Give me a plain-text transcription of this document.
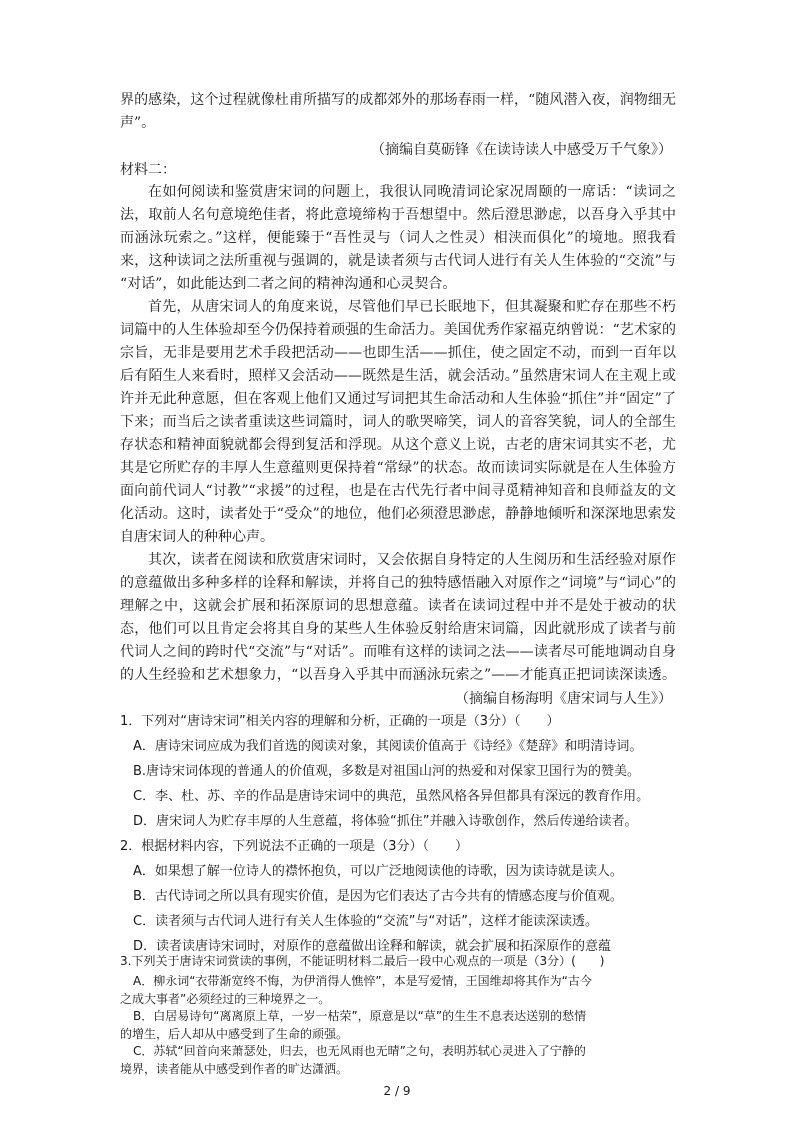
界的感染，这个过程就像杜甫所描写的成都郊外的那场春雨一样，“随风潜入夜，润物细无
声”。
（摘编自莫砺锋《在读诗读人中感受万千气象》）
材料二：
在如何阅读和鉴赏唐宋词的问题上，我很认同晚清词论家况周颐的一席话：“读词之
法，取前人名句意境绝佳者，将此意境缔构于吾想望中。然后澄思渺虑，以吾身入乎其中
而涵泳玩索之。”这样，便能臻于“吾性灵与（词人之性灵）相浃而俱化”的境地。照我看
来，这种读词之法所重视与强调的，就是读者须与古代词人进行有关人生体验的“交流”与
“对话”，如此能达到二者之间的精神沟通和心灵契合。
首先，从唐宋词人的角度来说，尽管他们早已长眠地下，但其凝聚和贮存在那些不朽
词篇中的人生体验却至今仍保持着顽强的生命活力。美国优秀作家福克纳曾说：“艺术家的
宗旨，无非是要用艺术手段把活动——也即生活——抓住，使之固定不动，而到一百年以
后有陌生人来看时，照样又会活动——既然是生活，就会活动。”虽然唐宋词人在主观上或
许并无此种意愿，但在客观上他们又通过写词把其生命活动和人生体验“抓住”并“固定”了
下来；而当后之读者重读这些词篇时，词人的歌哭啼笑，词人的音容笑貌，词人的全部生
存状态和精神面貌就都会得到复活和浮现。从这个意义上说，古老的唐宋词其实不老，尤
其是它所贮存的丰厚人生意蕴则更保持着“常绿”的状态。故而读词实际就是在人生体验方
面向前代词人“讨教”“求援”的过程，也是在古代先行者中间寻觅精神知音和良师益友的文
化活动。这时，读者处于“受众”的地位，他们必须澄思渺虑，静静地倾听和深深地思索发
自唐宋词人的种种心声。
其次，读者在阅读和欣赏唐宋词时，又会依据自身特定的人生阅历和生活经验对原作
的意蕴做出多种多样的诠释和解读，并将自己的独特感悟融入对原作之“词境”与“词心”的
理解之中，这就会扩展和拓深原词的思想意蕴。读者在读词过程中并不是处于被动的状
态，他们可以且肯定会将其自身的某些人生体验反射给唐宋词篇，因此就形成了读者与前
代词人之间的跨时代“交流”与“对话”。而唯有这样的读词之法——读者尽可能地调动自身
的人生经验和艺术想象力，“以吾身入乎其中而涵泳玩索之”——才能真正把词读深读透。
（摘编自杨海明《唐宋词与人生》）
1．下列对“唐诗宋词”相关内容的理解和分析，正确的一项是（3分）（　　）
A．唐诗宋词应成为我们首选的阅读对象，其阅读价值高于《诗经》《楚辞》和明清诗词。
B.唐诗宋词体现的普通人的价值观，多数是对祖国山河的热爱和对保家卫国行为的赞美。
C．李、杜、苏、辛的作品是唐诗宋词中的典范，虽然风格各异但都具有深远的教育作用。
D．唐宋词人为贮存丰厚的人生意蕴，将体验“抓住”并融入诗歌创作，然后传递给读者。
2．根据材料内容，下列说法不正确的一项是（3分）（　　）
A．如果想了解一位诗人的襟怀抱负，可以广泛地阅读他的诗歌，因为读诗就是读人。
B．古代诗词之所以具有现实价值，是因为它们表达了古今共有的情感态度与价值观。
C．读者须与古代词人进行有关人生体验的“交流”与“对话”，这样才能读深读透。
D．读者读唐诗宋词时，对原作的意蕴做出诠释和解读，就会扩展和拓深原作的意蕴
3.下列关于唐诗宋词赏读的事例，不能证明材料二最后一段中心观点的一项是（3分）(　　)
2 / 9
A．柳永词“衣带渐宽终不悔，为伊消得人憔悴”，本是写爱情，王国维却将其作为“古今
之成大事者”必须经过的三种境界之一。
B．白居易诗句“离离原上草，一岁一枯荣”，原意是以“草”的生生不息表达送别的愁情
的增生，后人却从中感受到了生命的顽强。
C．苏轼“回首向来萧瑟处，归去，也无风雨也无晴”之句，表明苏轼心灵进入了宁静的
境界，读者能从中感受到作者的旷达潇洒。
